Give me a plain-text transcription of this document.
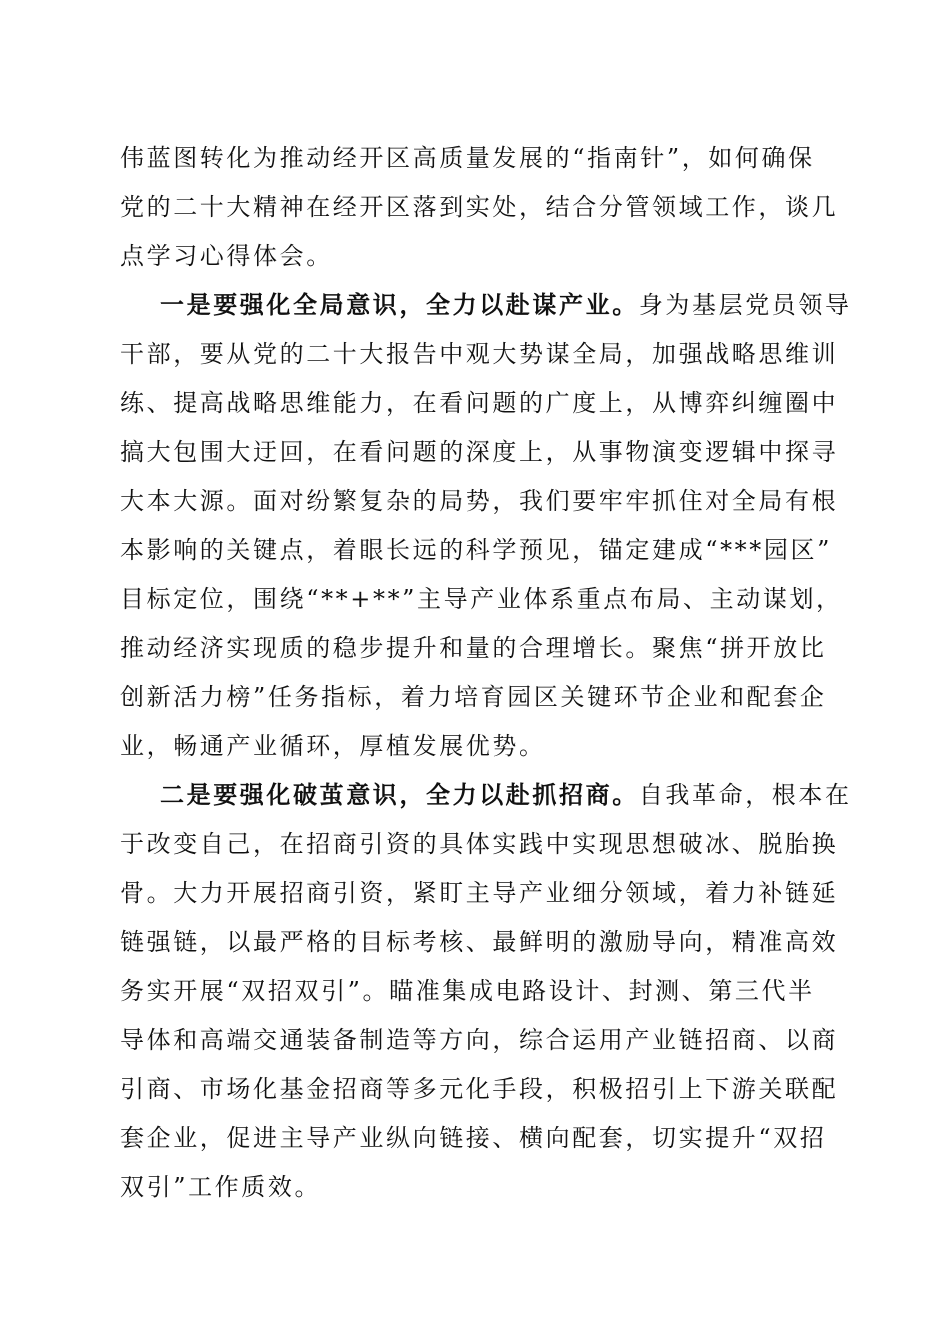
伟蓝图转化为推动经开区高质量发展的“指南针”，如何确保
党的二十大精神在经开区落到实处，结合分管领域工作，谈几
点学习心得体会。
一是要强化全局意识，全力以赴谋产业。身为基层党员领导
干部，要从党的二十大报告中观大势谋全局，加强战略思维训
练、提高战略思维能力，在看问题的广度上，从博弈纠缠圈中
搞大包围大迂回，在看问题的深度上，从事物演变逻辑中探寻
大本大源。面对纷繁复杂的局势，我们要牢牢抓住对全局有根
本影响的关键点，着眼长远的科学预见，锚定建成“***园区”
目标定位，围绕“**+**”主导产业体系重点布局、主动谋划，
推动经济实现质的稳步提升和量的合理增长。聚焦“拼开放比
创新活力榜”任务指标，着力培育园区关键环节企业和配套企
业，畅通产业循环，厚植发展优势。
二是要强化破茧意识，全力以赴抓招商。自我革命，根本在
于改变自己，在招商引资的具体实践中实现思想破冰、脱胎换
骨。大力开展招商引资，紧盯主导产业细分领域，着力补链延
链强链，以最严格的目标考核、最鲜明的激励导向，精准高效
务实开展“双招双引”。瞄准集成电路设计、封测、第三代半
导体和高端交通装备制造等方向，综合运用产业链招商、以商
引商、市场化基金招商等多元化手段，积极招引上下游关联配
套企业，促进主导产业纵向链接、横向配套，切实提升“双招
双引”工作质效。
